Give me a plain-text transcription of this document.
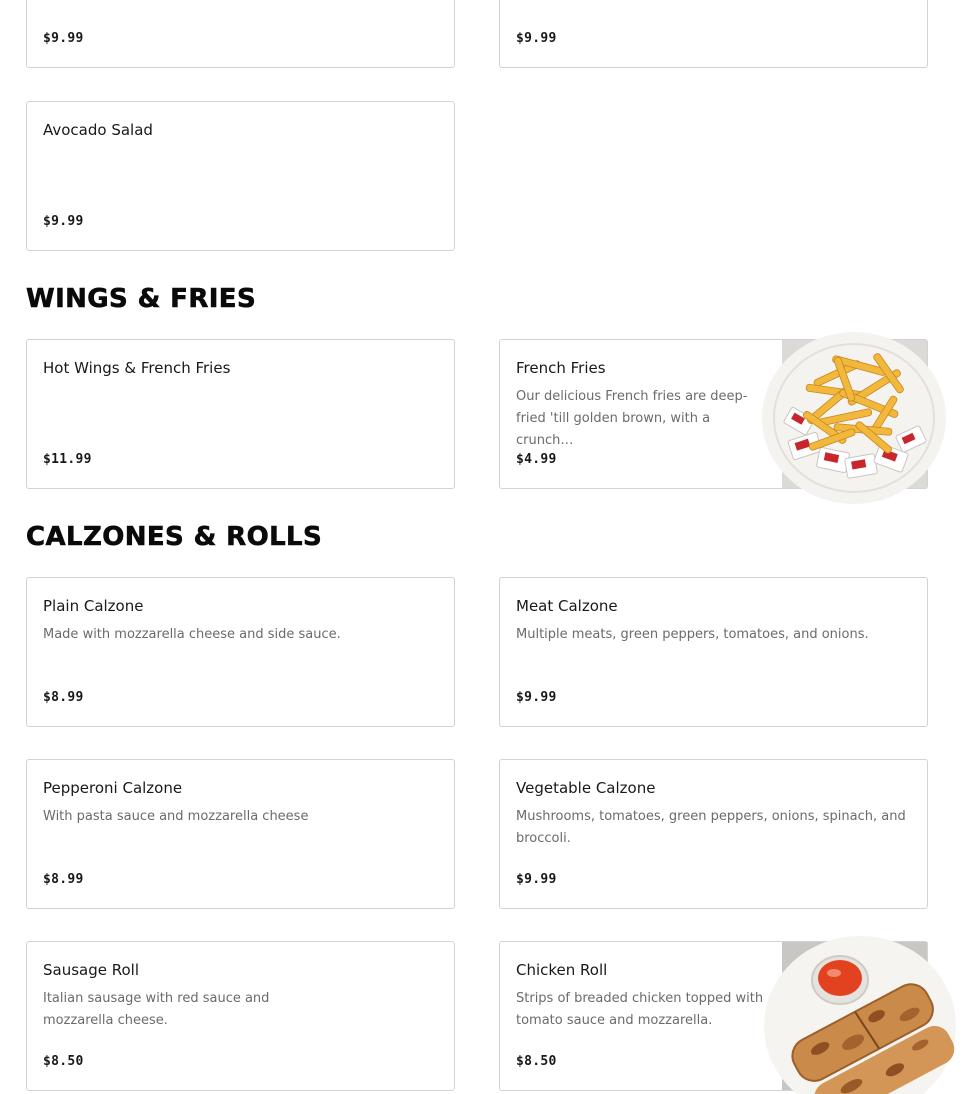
$9.99	$9.99
Avocado Salad
$9.99
WINGS & FRIES
Hot Wings & French Fries
$11.99
French Fries
Our delicious French fries are deep-fried 'till golden brown, with a crunch…
$4.99
CALZONES & ROLLS
Plain Calzone
Made with mozzarella cheese and side sauce.
$8.99
Meat Calzone
Multiple meats, green peppers, tomatoes, and onions.
$9.99
Pepperoni Calzone
With pasta sauce and mozzarella cheese
$8.99
Vegetable Calzone
Mushrooms, tomatoes, green peppers, onions, spinach, and broccoli.
$9.99
Sausage Roll
Italian sausage with red sauce and mozzarella cheese.
$8.50
Chicken Roll
Strips of breaded chicken topped with tomato sauce and mozzarella.
$8.50
